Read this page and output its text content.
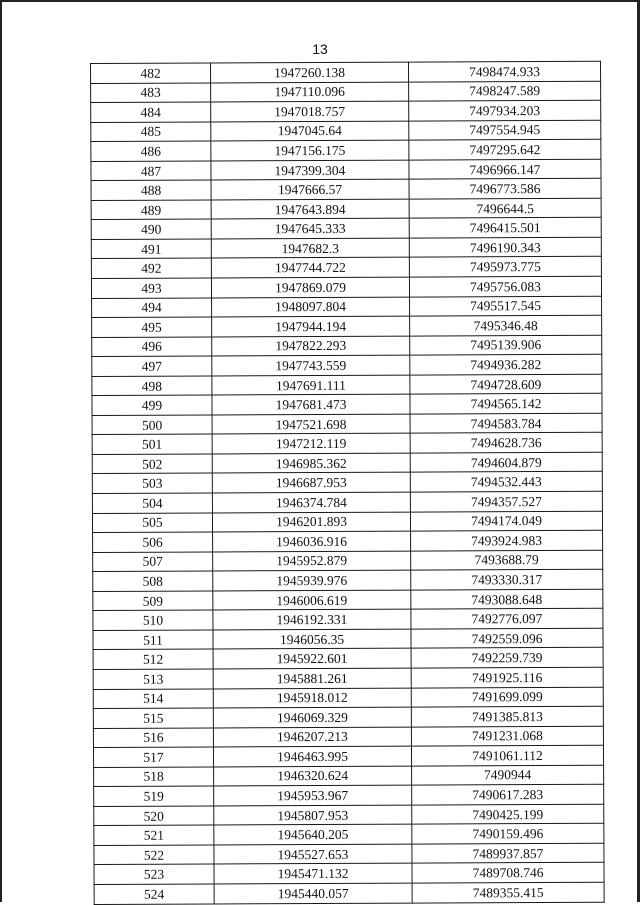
13
482	1947260.138	7498474.933
483	1947110.096	7498247.589
484	1947018.757	7497934.203
485	1947045.64	7497554.945
486	1947156.175	7497295.642
487	1947399.304	7496966.147
488	1947666.57	7496773.586
489	1947643.894	7496644.5
490	1947645.333	7496415.501
491	1947682.3	7496190.343
492	1947744.722	7495973.775
493	1947869.079	7495756.083
494	1948097.804	7495517.545
495	1947944.194	7495346.48
496	1947822.293	7495139.906
497	1947743.559	7494936.282
498	1947691.111	7494728.609
499	1947681.473	7494565.142
500	1947521.698	7494583.784
501	1947212.119	7494628.736
502	1946985.362	7494604.879
503	1946687.953	7494532.443
504	1946374.784	7494357.527
505	1946201.893	7494174.049
506	1946036.916	7493924.983
507	1945952.879	7493688.79
508	1945939.976	7493330.317
509	1946006.619	7493088.648
510	1946192.331	7492776.097
511	1946056.35	7492559.096
512	1945922.601	7492259.739
513	1945881.261	7491925.116
514	1945918.012	7491699.099
515	1946069.329	7491385.813
516	1946207.213	7491231.068
517	1946463.995	7491061.112
518	1946320.624	7490944
519	1945953.967	7490617.283
520	1945807.953	7490425.199
521	1945640.205	7490159.496
522	1945527.653	7489937.857
523	1945471.132	7489708.746
524	1945440.057	7489355.415
